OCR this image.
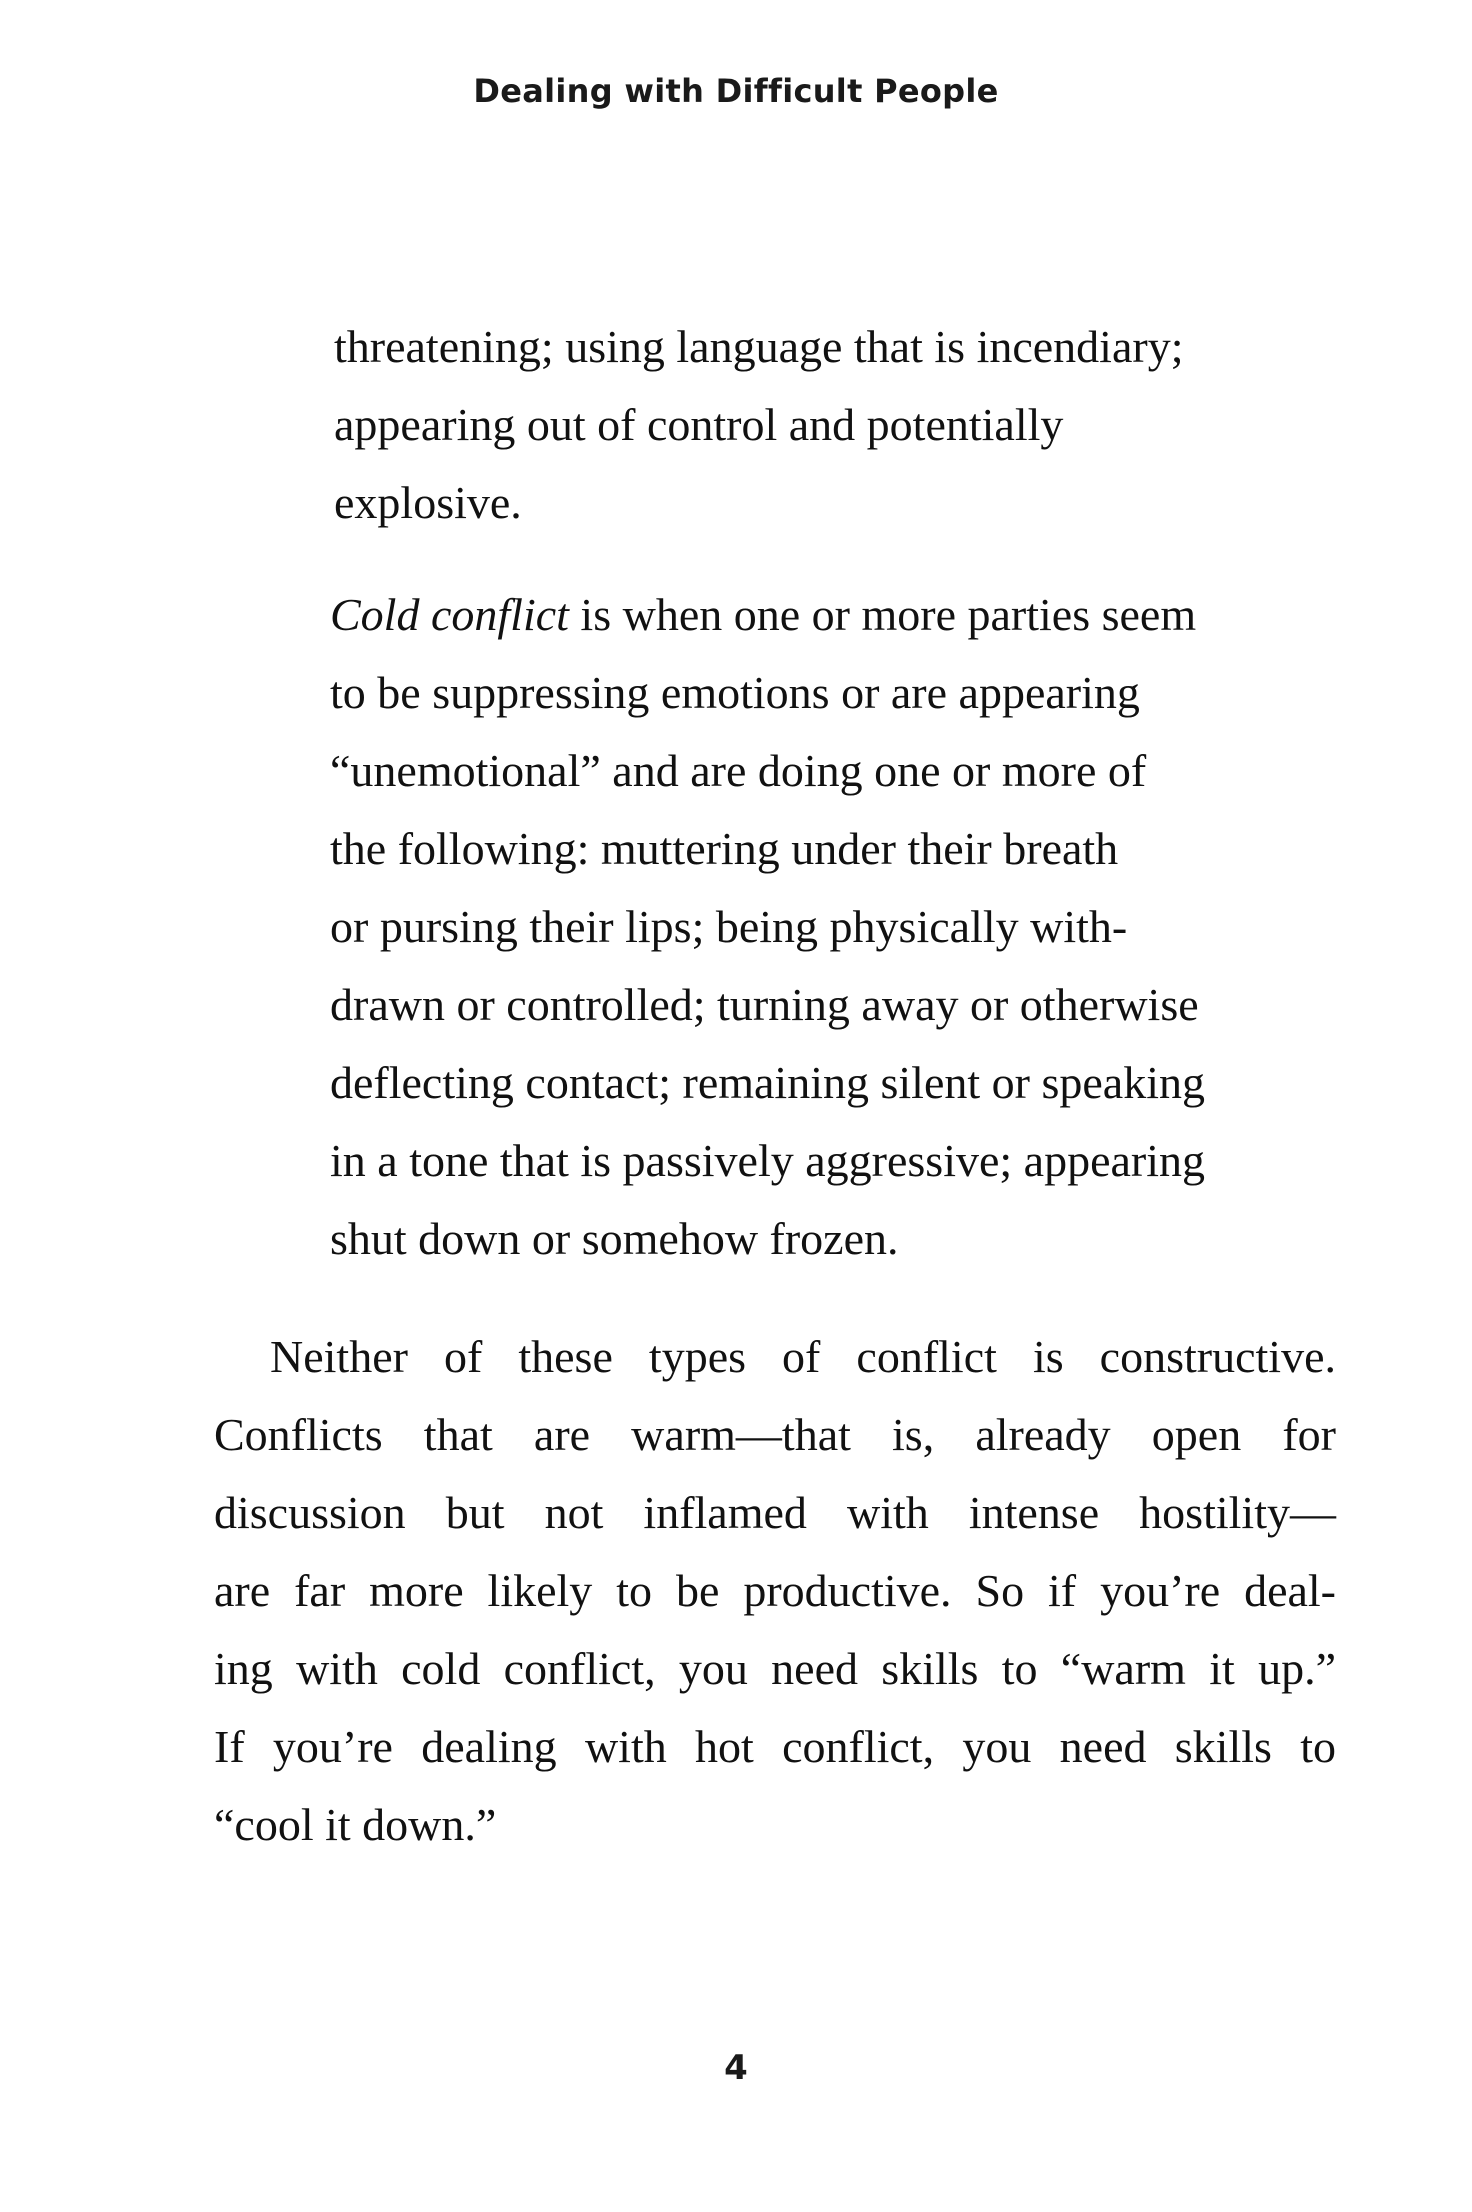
Dealing with Difficult People
threatening; using language that is incendiary;
appearing out of control and potentially
explosive.
Cold conflict is when one or more parties seem
to be suppressing emotions or are appearing
“unemotional” and are doing one or more of
the following: muttering under their breath
or pursing their lips; being physically with-
drawn or controlled; turning away or otherwise
deflecting contact; remaining silent or speaking
in a tone that is passively aggressive; appearing
shut down or somehow frozen.
Neither of these types of conflict is constructive.
Conflicts that are warm—that is, already open for
discussion but not inflamed with intense hostility—
are far more likely to be productive. So if you’re deal-
ing with cold conflict, you need skills to “warm it up.”
If you’re dealing with hot conflict, you need skills to
“cool it down.”
4
